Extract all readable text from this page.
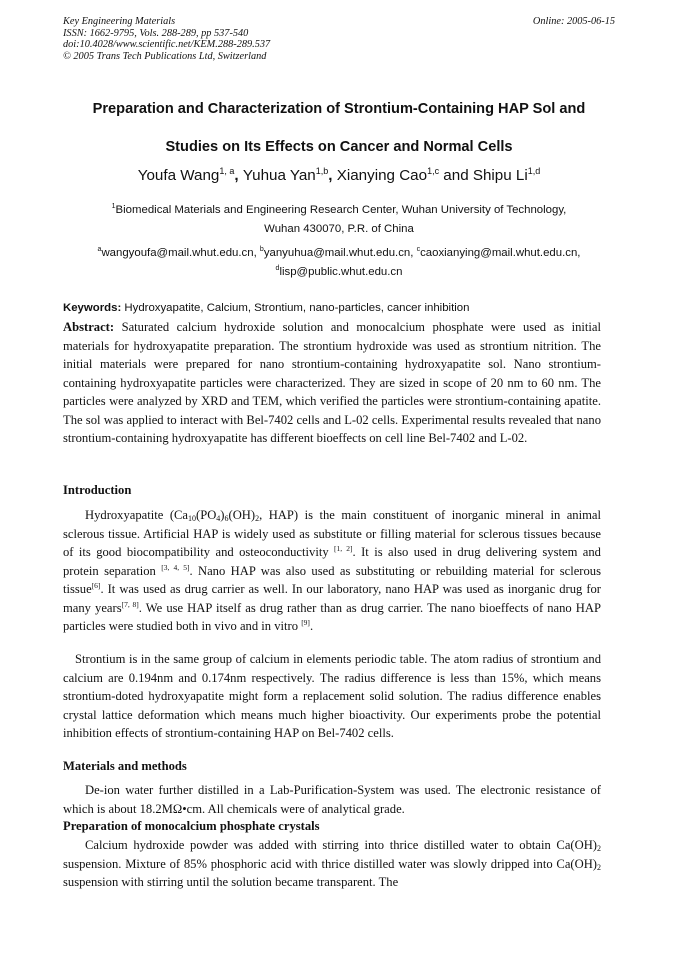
Key Engineering Materials
ISSN: 1662-9795, Vols. 288-289, pp 537-540
doi:10.4028/www.scientific.net/KEM.288-289.537
© 2005 Trans Tech Publications Ltd, Switzerland
Online: 2005-06-15
Preparation and Characterization of Strontium-Containing HAP Sol and
Studies on Its Effects on Cancer and Normal Cells
Youfa Wang$^{1, a}$, Yuhua Yan$^{1,b}$, Xianying Cao$^{1,c}$ and Shipu Li$^{1,d}$
$^1$Biomedical Materials and Engineering Research Center, Wuhan University of Technology,
Wuhan 430070, P.R. of China
$^a$wangyoufa@mail.whut.edu.cn, $^b$yanyuhua@mail.whut.edu.cn, $^c$caoxianying@mail.whut.edu.cn,
$^d$lisp@public.whut.edu.cn
Keywords: Hydroxyapatite, Calcium, Strontium, nano-particles, cancer inhibition

Abstract: Saturated calcium hydroxide solution and monocalcium phosphate were used as initial materials for hydroxyapatite preparation. The strontium hydroxide was used as strontium nitrition. The initial materials were prepared for nano strontium-containing hydroxyapatite sol. Nano strontium-containing hydroxyapatite particles were characterized. They are sized in scope of 20 nm to 60 nm. The particles were analyzed by XRD and TEM, which verified the particles were strontium-containing apatite. The sol was applied to interact with Bel-7402 cells and L-02 cells. Experimental results revealed that nano strontium-containing hydroxyapatite has different bioeffects on cell line Bel-7402 and L-02.

Introduction

Hydroxyapatite ($Ca_{10}(PO_4)_6(OH)_2$, HAP) is the main constituent of inorganic mineral in animal sclerous tissue. Artificial HAP is widely used as substitute or filling material for sclerous tissues because of its good biocompatibility and osteoconductivity [1, 2]. It is also used in drug delivering system and protein separation [3, 4, 5]. Nano HAP was also used as substituting or rebuilding material for sclerous tissue[6]. It was used as drug carrier as well. In our laboratory, nano HAP was used as inorganic drug for many years[7, 8]. We use HAP itself as drug rather than as drug carrier. The nano bioeffects of nano HAP particles were studied both in vivo and in vitro [9].

Strontium is in the same group of calcium in elements periodic table. The atom radius of strontium and calcium are 0.194nm and 0.174nm respectively. The radius difference is less than 15%, which means strontium-doted hydroxyapatite might form a replacement solid solution. The radius difference enables crystal lattice deformation which means much higher bioactivity. Our experiments probe the potential inhibition effects of strontium-containing HAP on Bel-7402 cells.

Materials and methods

De-ion water further distilled in a Lab-Purification-System was used. The electronic resistance of which is about 18.2MΩ•cm. All chemicals were of analytical grade.

Preparation of monocalcium phosphate crystals

Calcium hydroxide powder was added with stirring into thrice distilled water to obtain $Ca(OH)_2$ suspension. Mixture of 85% phosphoric acid with thrice distilled water was slowly dripped into $Ca(OH)_2$ suspension with stirring until the solution became transparent. The
